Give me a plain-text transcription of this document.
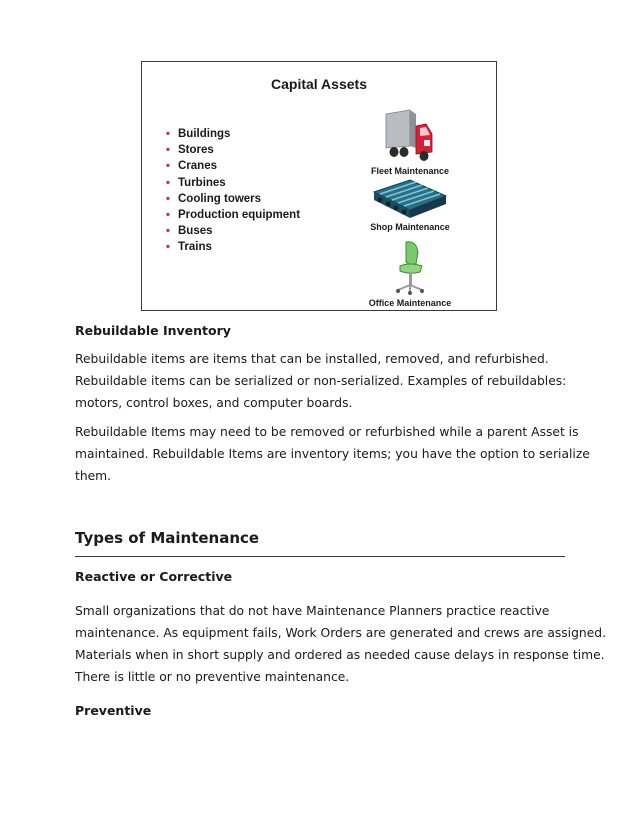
Capital Assets
• Buildings
• Stores
• Cranes
• Turbines
• Cooling towers
• Production equipment
• Buses
• Trains
Fleet Maintenance
Shop Maintenance
Office Maintenance
Rebuildable Inventory
Rebuildable items are items that can be installed, removed, and refurbished.
Rebuildable items can be serialized or non-serialized. Examples of rebuildables:
motors, control boxes, and computer boards.
Rebuildable Items may need to be removed or refurbished while a parent Asset is
maintained. Rebuildable Items are inventory items; you have the option to serialize
them.
Types of Maintenance
Reactive or Corrective
Small organizations that do not have Maintenance Planners practice reactive
maintenance. As equipment fails, Work Orders are generated and crews are assigned.
Materials when in short supply and ordered as needed cause delays in response time.
There is little or no preventive maintenance.
Preventive
